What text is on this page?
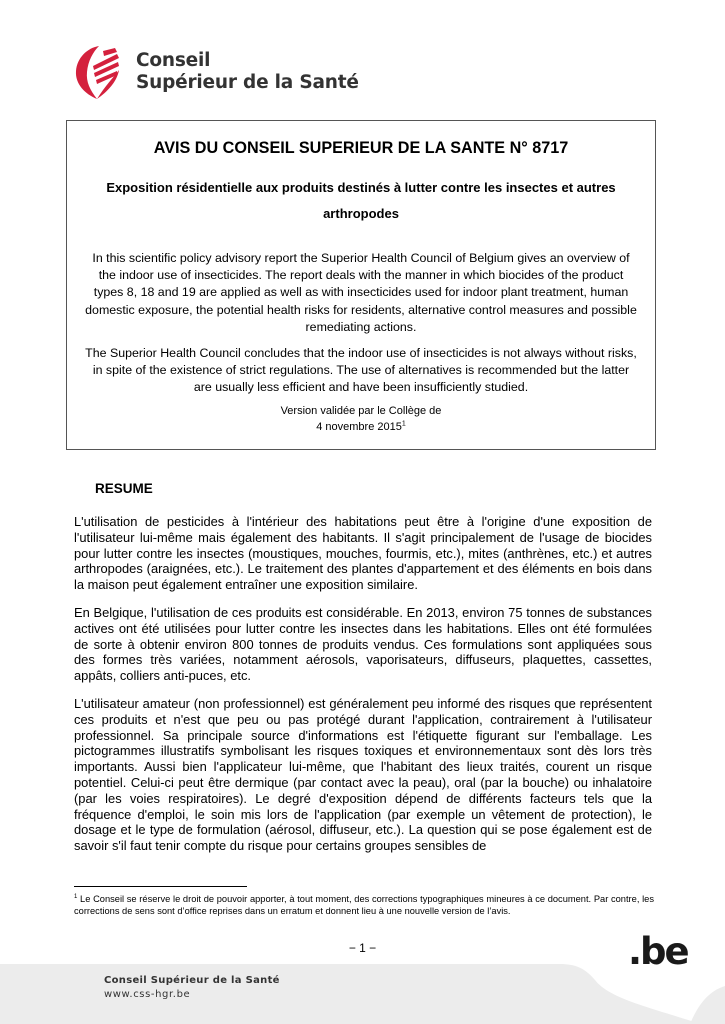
Conseil
Supérieur de la Santé
AVIS DU CONSEIL SUPERIEUR DE LA SANTE N° 8717
Exposition résidentielle aux produits destinés à lutter contre les insectes et autres arthropodes
In this scientific policy advisory report the Superior Health Council of Belgium gives an overview of the indoor use of insecticides. The report deals with the manner in which biocides of the product types 8, 18 and 19 are applied as well as with insecticides used for indoor plant treatment, human domestic exposure, the potential health risks for residents, alternative control measures and possible remediating actions.
The Superior Health Council concludes that the indoor use of insecticides is not always without risks, in spite of the existence of strict regulations. The use of alternatives is recommended but the latter are usually less efficient and have been insufficiently studied.
Version validée par le Collège de
4 novembre 2015$^1$
RESUME
L'utilisation de pesticides à l'intérieur des habitations peut être à l'origine d'une exposition de l'utilisateur lui-même mais également des habitants. Il s'agit principalement de l'usage de biocides pour lutter contre les insectes (moustiques, mouches, fourmis, etc.), mites (anthrènes, etc.) et autres arthropodes (araignées, etc.). Le traitement des plantes d'appartement et des éléments en bois dans la maison peut également entraîner une exposition similaire.
En Belgique, l'utilisation de ces produits est considérable. En 2013, environ 75 tonnes de substances actives ont été utilisées pour lutter contre les insectes dans les habitations. Elles ont été formulées de sorte à obtenir environ 800 tonnes de produits vendus. Ces formulations sont appliquées sous des formes très variées, notamment aérosols, vaporisateurs, diffuseurs, plaquettes, cassettes, appâts, colliers anti-puces, etc.
L'utilisateur amateur (non professionnel) est généralement peu informé des risques que représentent ces produits et n'est que peu ou pas protégé durant l'application, contrairement à l'utilisateur professionnel. Sa principale source d'informations est l'étiquette figurant sur l'emballage. Les pictogrammes illustratifs symbolisant les risques toxiques et environnementaux sont dès lors très importants. Aussi bien l'applicateur lui-même, que l'habitant des lieux traités, courent un risque potentiel. Celui-ci peut être dermique (par contact avec la peau), oral (par la bouche) ou inhalatoire (par les voies respiratoires). Le degré d'exposition dépend de différents facteurs tels que la fréquence d'emploi, le soin mis lors de l'application (par exemple un vêtement de protection), le dosage et le type de formulation (aérosol, diffuseur, etc.). La question qui se pose également est de savoir s'il faut tenir compte du risque pour certains groupes sensibles de
$^1$ Le Conseil se réserve le droit de pouvoir apporter, à tout moment, des corrections typographiques mineures à ce document. Par contre, les corrections de sens sont d’office reprises dans un erratum et donnent lieu à une nouvelle version de l’avis.
− 1 −
Conseil Supérieur de la Santé
www.css-hgr.be
.be
